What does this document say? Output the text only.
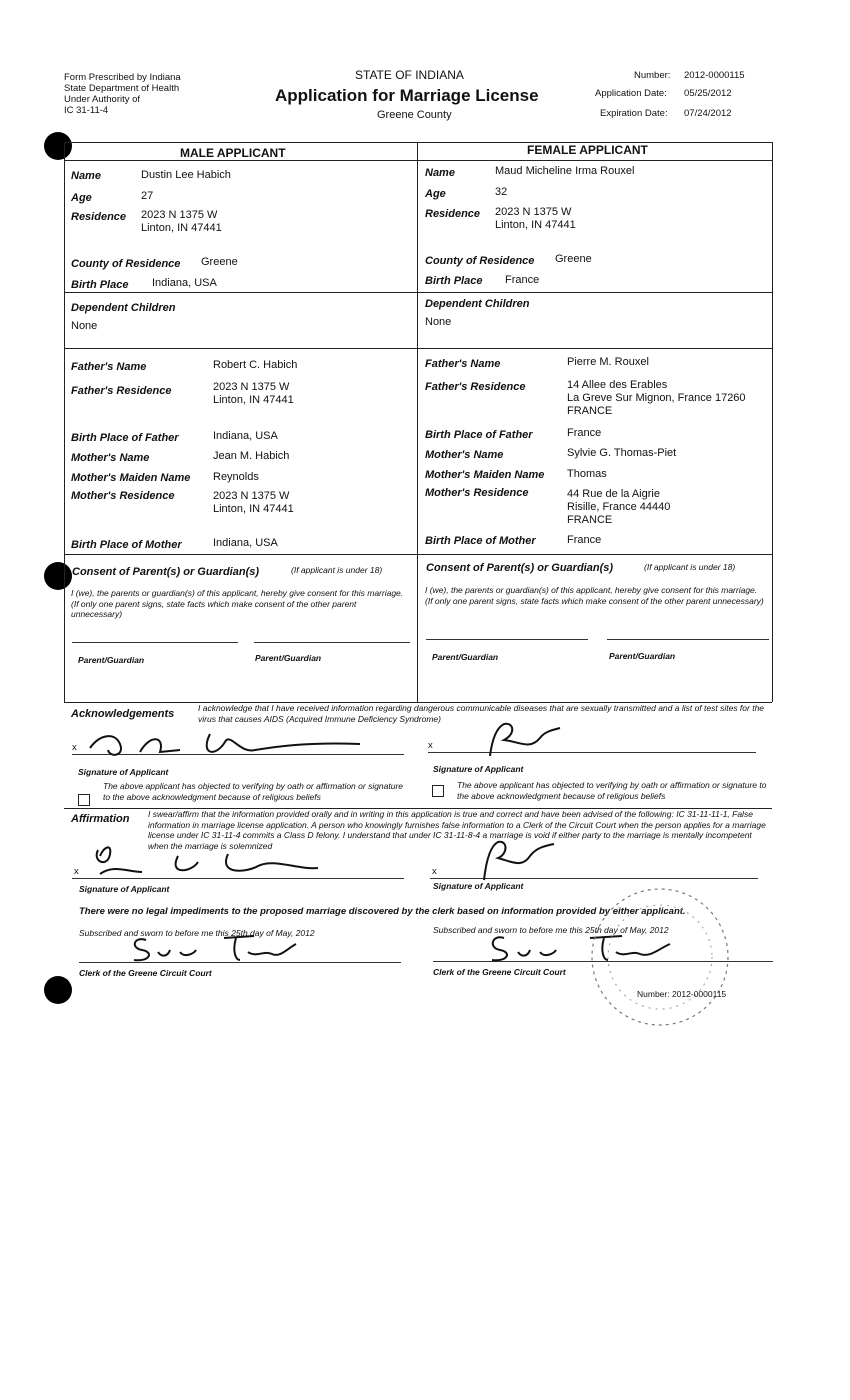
Form Prescribed by Indiana
State Department of Health
Under Authority of
IC 31-11-4
STATE OF INDIANA
Application for Marriage License
Greene County
Number: 2012-0000115
Application Date: 05/25/2012
Expiration Date: 07/24/2012
MALE APPLICANT	FEMALE APPLICANT
Name	Dustin Lee Habich
Age	27
Residence 2023 N 1375 W
Linton, IN 47441
County of Residence Greene
Birth Place Indiana, USA
Dependent Children
None
Father's Name	Robert C. Habich
Father's Residence	2023 N 1375 W
Linton, IN 47441
Birth Place of Father	Indiana, USA
Mother's Name	Jean M. Habich
Mother's Maiden Name Reynolds
Mother's Residence	2023 N 1375 W
Linton, IN 47441
Birth Place of Mother	Indiana, USA
Name	Maud Micheline Irma Rouxel
Age	32
Residence 2023 N 1375 W
Linton, IN 47441
County of Residence Greene
Birth Place France
Dependent Children
None
Father's Name	Pierre M. Rouxel
Father's Residence	14 Allee des Erables
La Greve Sur Mignon, France 17260
FRANCE
Birth Place of Father	France
Mother's Name	Sylvie G. Thomas-Piet
Mother's Maiden Name Thomas
Mother's Residence	44 Rue de la Aigrie
Risille, France 44440
FRANCE
Birth Place of Mother	France
Consent of Parent(s) or Guardian(s)	(If applicant is under 18)
I (we), the parents or guardian(s) of this applicant, hereby give consent for this marriage. (If only one parent signs, state facts which make consent of the other parent unnecessary)
Parent/Guardian	Parent/Guardian
Consent of Parent(s) or Guardian(s)	(If applicant is under 18)
I (we), the parents or guardian(s) of this applicant, hereby give consent for this marriage. (If only one parent signs, state facts which make consent of the other parent unnecessary)
Parent/Guardian	Parent/Guardian
Acknowledgements	I acknowledge that I have received information regarding dangerous communicable diseases that are sexually transmitted and a list of test sites for the virus that causes AIDS (Acquired Immune Deficiency Syndrome)
x	x
Signature of Applicant	Signature of Applicant
The above applicant has objected to verifying by oath or affirmation or signature to the above acknowledgment because of religious beliefs
The above applicant has objected to verifying by oath or affirmation or signature to the above acknowledgment because of religious beliefs
Affirmation I swear/affirm that the information provided orally and in writing in this application is true and correct and have been advised of the following: IC 31-11-11-1, False information in marriage license application. A person who knowingly furnishes false information to a Clerk of the Circuit Court when the person applies for a marriage license under IC 31-11-4 commits a Class D felony. I understand that under IC 31-11-8-4 a marriage is void if either party to the marriage is mentally incompetent when the marriage is solemnized
x	x
Signature of Applicant	Signature of Applicant
There were no legal impediments to the proposed marriage discovered by the clerk based on information provided by either applicant.
Subscribed and sworn to before me this 25th day of May, 2012
Clerk of the Greene Circuit Court
Subscribed and sworn to before me this 25th day of May, 2012
Clerk of the Greene Circuit Court
Number: 2012-0000115
